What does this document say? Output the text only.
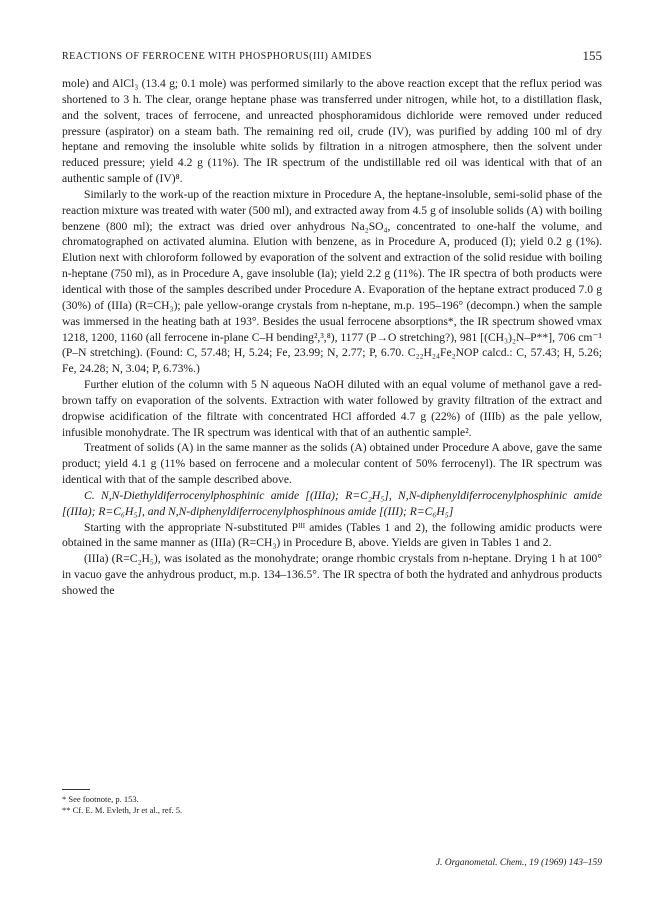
REACTIONS OF FERROCENE WITH PHOSPHORUS(III) AMIDES	155

mole) and AlCl₃ (13.4 g; 0.1 mole) was performed similarly to the above reaction except that the reflux period was shortened to 3 h. The clear, orange heptane phase was transferred under nitrogen, while hot, to a distillation flask, and the solvent, traces of ferrocene, and unreacted phosphoramidous dichloride were removed under reduced pressure (aspirator) on a steam bath. The remaining red oil, crude (IV), was purified by adding 100 ml of dry heptane and removing the insoluble white solids by filtration in a nitrogen atmosphere, then the solvent under reduced pressure; yield 4.2 g (11%). The IR spectrum of the undistillable red oil was identical with that of an authentic sample of (IV)⁸.

Similarly to the work-up of the reaction mixture in Procedure A, the heptane-insoluble, semi-solid phase of the reaction mixture was treated with water (500 ml), and extracted away from 4.5 g of insoluble solids (A) with boiling benzene (800 ml); the extract was dried over anhydrous Na₂SO₄, concentrated to one-half the volume, and chromatographed on activated alumina. Elution with benzene, as in Procedure A, produced (I); yield 0.2 g (1%). Elution next with chloroform followed by evaporation of the solvent and extraction of the solid residue with boiling n-heptane (750 ml), as in Procedure A, gave insoluble (Ia); yield 2.2 g (11%). The IR spectra of both products were identical with those of the samples described under Procedure A. Evaporation of the heptane extract produced 7.0 g (30%) of (IIIa) (R=CH₃); pale yellow-orange crystals from n-heptane, m.p. 195–196° (decompn.) when the sample was immersed in the heating bath at 193°. Besides the usual ferrocene absorptions*, the IR spectrum showed νmax 1218, 1200, 1160 (all ferrocene in-plane C–H bending²,³,⁸), 1177 (P→O stretching?), 981 [(CH₃)₂N–P**], 706 cm⁻¹ (P–N stretching). (Found: C, 57.48; H, 5.24; Fe, 23.99; N, 2.77; P, 6.70. C₂₂H₂₄Fe₂NOP calcd.: C, 57.43; H, 5.26; Fe, 24.28; N, 3.04; P, 6.73%.)

Further elution of the column with 5 N aqueous NaOH diluted with an equal volume of methanol gave a red-brown taffy on evaporation of the solvents. Extraction with water followed by gravity filtration of the extract and dropwise acidification of the filtrate with concentrated HCl afforded 4.7 g (22%) of (IIIb) as the pale yellow, infusible monohydrate. The IR spectrum was identical with that of an authentic sample².

Treatment of solids (A) in the same manner as the solids (A) obtained under Procedure A above, gave the same product; yield 4.1 g (11% based on ferrocene and a molecular content of 50% ferrocenyl). The IR spectrum was identical with that of the sample described above.

C. N,N-Diethyldiferrocenylphosphinic amide [(IIIa); R=C₂H₅], N,N-diphenyldiferrocenylphosphinic amide [(IIIa); R=C₆H₅], and N,N-diphenyldiferrocenylphosphinous amide [(III); R=C₆H₅]

Starting with the appropriate N-substituted Pᴵᴵᴵ amides (Tables 1 and 2), the following amidic products were obtained in the same manner as (IIIa) (R=CH₃) in Procedure B, above. Yields are given in Tables 1 and 2.

(IIIa) (R=C₂H₅), was isolated as the monohydrate; orange rhombic crystals from n-heptane. Drying 1 h at 100° in vacuo gave the anhydrous product, m.p. 134–136.5°. The IR spectra of both the hydrated and anhydrous products showed the

* See footnote, p. 153.
** Cf. E. M. Evleth, Jr et al., ref. 5.
J. Organometal. Chem., 19 (1969) 143–159
